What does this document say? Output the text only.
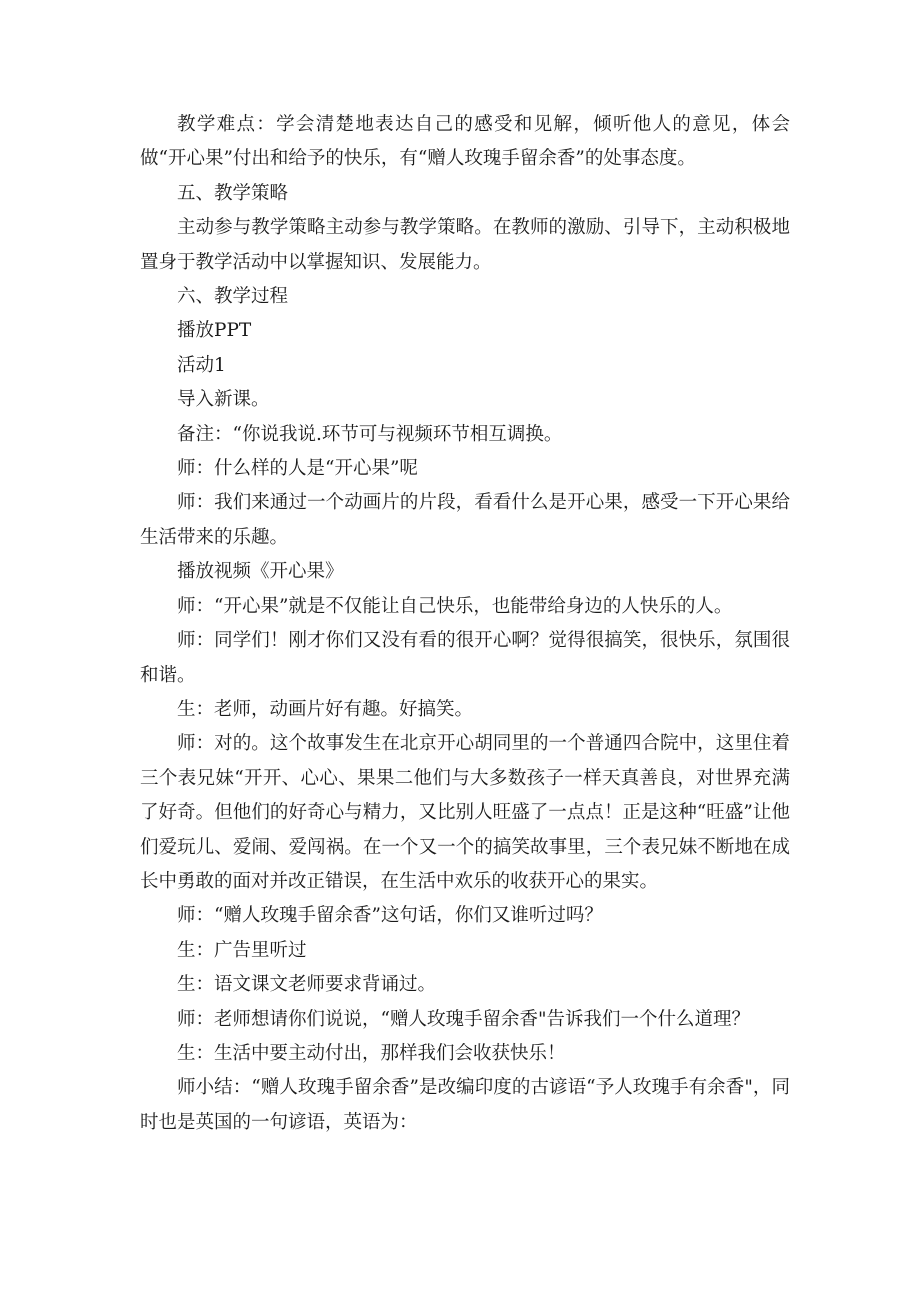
教学难点：学会清楚地表达自己的感受和见解，倾听他人的意见，体会做“开心果”付出和给予的快乐，有“赠人玫瑰手留余香”的处事态度。

五、教学策略

主动参与教学策略主动参与教学策略。在教师的激励、引导下，主动积极地置身于教学活动中以掌握知识、发展能力。

六、教学过程

播放PPT

活动1

导入新课。

备注：“你说我说.环节可与视频环节相互调换。

师：什么样的人是“开心果”呢

师：我们来通过一个动画片的片段，看看什么是开心果，感受一下开心果给生活带来的乐趣。

播放视频《开心果》

师：“开心果”就是不仅能让自己快乐，也能带给身边的人快乐的人。

师：同学们！刚才你们又没有看的很开心啊？觉得很搞笑，很快乐，氛围很和谐。

生：老师，动画片好有趣。好搞笑。

师：对的。这个故事发生在北京开心胡同里的一个普通四合院中，这里住着三个表兄妹“开开、心心、果果二他们与大多数孩子一样天真善良，对世界充满了好奇。但他们的好奇心与精力，又比别人旺盛了一点点！正是这种“旺盛”让他们爱玩儿、爱闹、爱闯祸。在一个又一个的搞笑故事里，三个表兄妹不断地在成长中勇敢的面对并改正错误，在生活中欢乐的收获开心的果实。

师：“赠人玫瑰手留余香”这句话，你们又谁听过吗？

生：广告里听过

生：语文课文老师要求背诵过。

师：老师想请你们说说，“赠人玫瑰手留余香"告诉我们一个什么道理？

生：生活中要主动付出，那样我们会收获快乐！

师小结：“赠人玫瑰手留余香”是改编印度的古谚语“予人玫瑰手有余香"，同时也是英国的一句谚语，英语为：
